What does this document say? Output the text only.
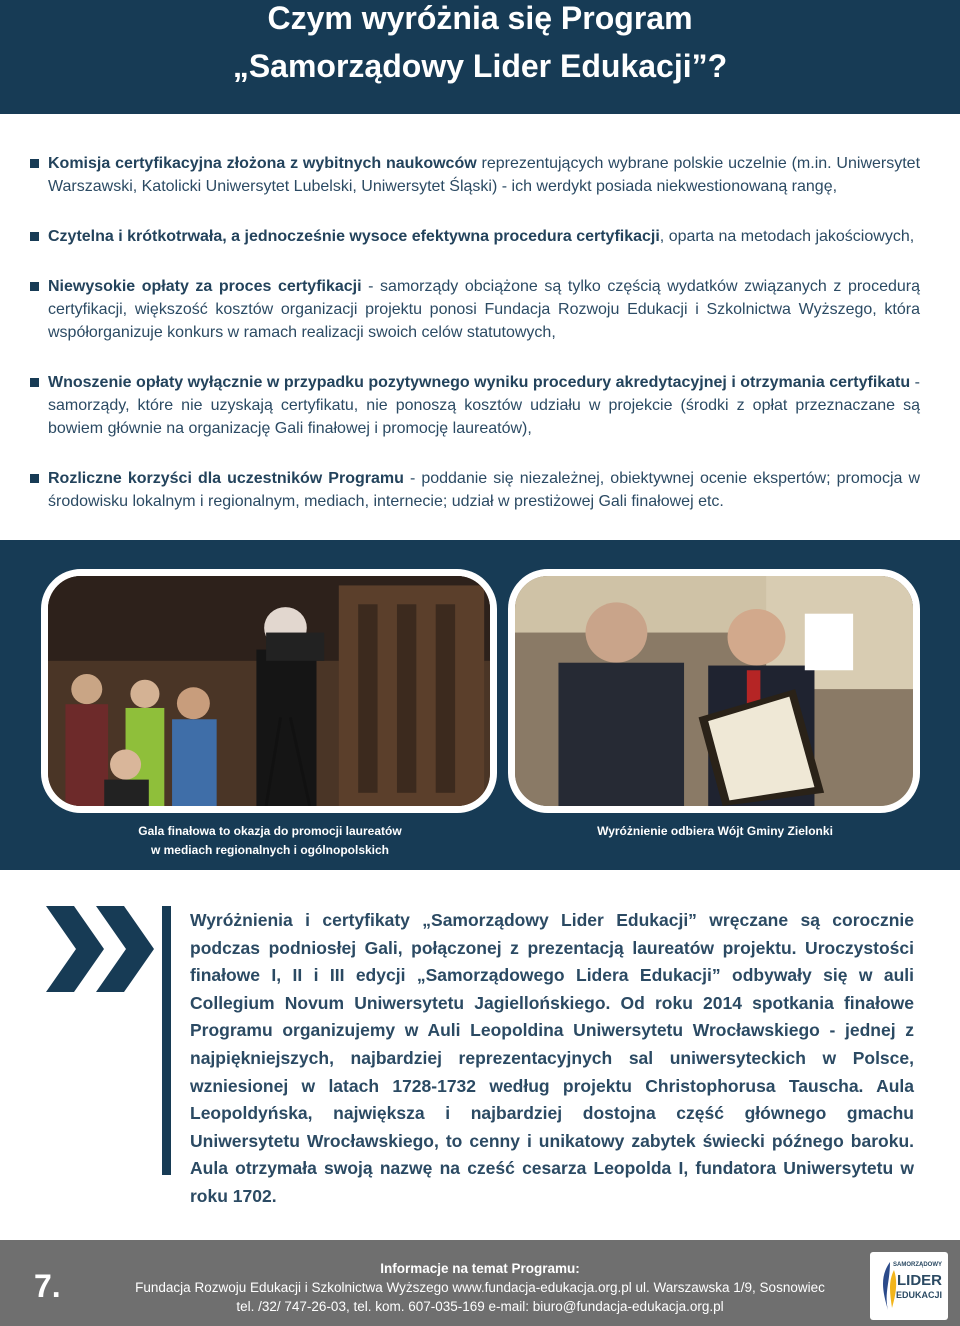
Czym wyróżnia się Program
„Samorządowy Lider Edukacji”?
Komisja certyfikacyjna złożona z wybitnych naukowców reprezentujących wybrane polskie uczelnie (m.in. Uniwersytet Warszawski, Katolicki Uniwersytet Lubelski, Uniwersytet Śląski) - ich werdykt posiada niekwestionowaną rangę,
Czytelna i krótkotrwała, a jednocześnie wysoce efektywna procedura certyfikacji, oparta na metodach jakościowych,
Niewysokie opłaty za proces certyfikacji - samorządy obciążone są tylko częścią wydatków związanych z procedurą certyfikacji, większość kosztów organizacji projektu ponosi Fundacja Rozwoju Edukacji i Szkolnictwa Wyższego, która współorganizuje konkurs w ramach realizacji swoich celów statutowych,
Wnoszenie opłaty wyłącznie w przypadku pozytywnego wyniku procedury akredytacyjnej i otrzymania certyfikatu - samorządy, które nie uzyskają certyfikatu, nie ponoszą kosztów udziału w projekcie (środki z opłat przeznaczane są bowiem głównie na organizację Gali finałowej i promocję laureatów),
Rozliczne korzyści dla uczestników Programu - poddanie się niezależnej, obiektywnej ocenie ekspertów; promocja w środowisku lokalnym i regionalnym, mediach, internecie; udział w prestiżowej Gali finałowej etc.
Gala finałowa to okazja do promocji laureatów
w mediach regionalnych i ogólnopolskich
Wyróżnienie odbiera Wójt Gminy Zielonki
Wyróżnienia i certyfikaty „Samorządowy Lider Edukacji” wręczane są corocznie podczas podniosłej Gali, połączonej z prezentacją laureatów projektu. Uroczystości finałowe I, II i III edycji „Samorządowego Lidera Edukacji” odbywały się w auli Collegium Novum Uniwersytetu Jagiellońskiego. Od roku 2014 spotkania finałowe Programu organizujemy w Auli Leopoldina Uniwersytetu Wrocławskiego - jednej z najpiękniejszych, najbardziej reprezentacyjnych sal uniwersyteckich w Polsce, wzniesionej w latach 1728-1732 według projektu Christophorusa Tauscha. Aula Leopoldyńska, największa i najbardziej dostojna część głównego gmachu Uniwersytetu Wrocławskiego, to cenny i unikatowy zabytek świecki późnego baroku. Aula otrzymała swoją nazwę na cześć cesarza Leopolda I, fundatora Uniwersytetu w roku 1702.
7.	Informacje na temat Programu:
Fundacja Rozwoju Edukacji i Szkolnictwa Wyższego www.fundacja-edukacja.org.pl ul. Warszawska 1/9, Sosnowiec
tel. /32/ 747-26-03, tel. kom. 607-035-169 e-mail: biuro@fundacja-edukacja.org.pl
SAMORZĄDOWY
LIDER
EDUKACJI
